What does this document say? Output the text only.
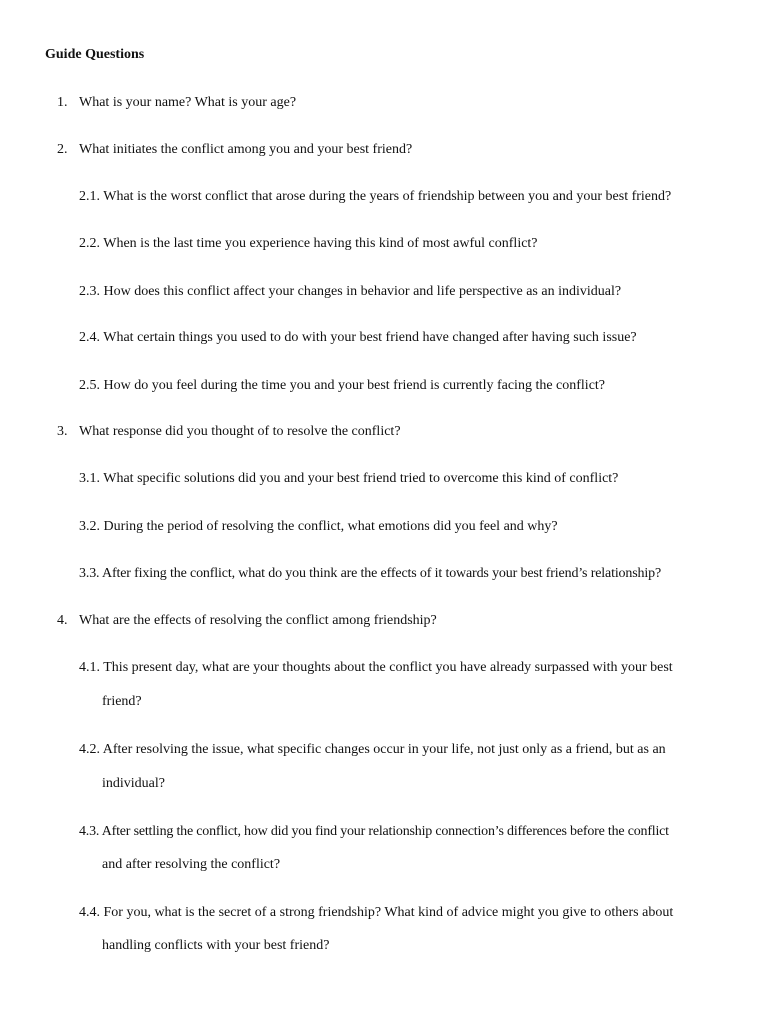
Guide Questions
1. What is your name? What is your age?
2. What initiates the conflict among you and your best friend?
2.1. What is the worst conflict that arose during the years of friendship between you and your best friend?
2.2. When is the last time you experience having this kind of most awful conflict?
2.3. How does this conflict affect your changes in behavior and life perspective as an individual?
2.4. What certain things you used to do with your best friend have changed after having such issue?
2.5. How do you feel during the time you and your best friend is currently facing the conflict?
3. What response did you thought of to resolve the conflict?
3.1. What specific solutions did you and your best friend tried to overcome this kind of conflict?
3.2. During the period of resolving the conflict, what emotions did you feel and why?
3.3. After fixing the conflict, what do you think are the effects of it towards your best friend’s relationship?
4. What are the effects of resolving the conflict among friendship?
4.1. This present day, what are your thoughts about the conflict you have already surpassed with your best
friend?
4.2. After resolving the issue, what specific changes occur in your life, not just only as a friend, but as an
individual?
4.3. After settling the conflict, how did you find your relationship connection’s differences before the conflict
and after resolving the conflict?
4.4. For you, what is the secret of a strong friendship? What kind of advice might you give to others about
handling conflicts with your best friend?
